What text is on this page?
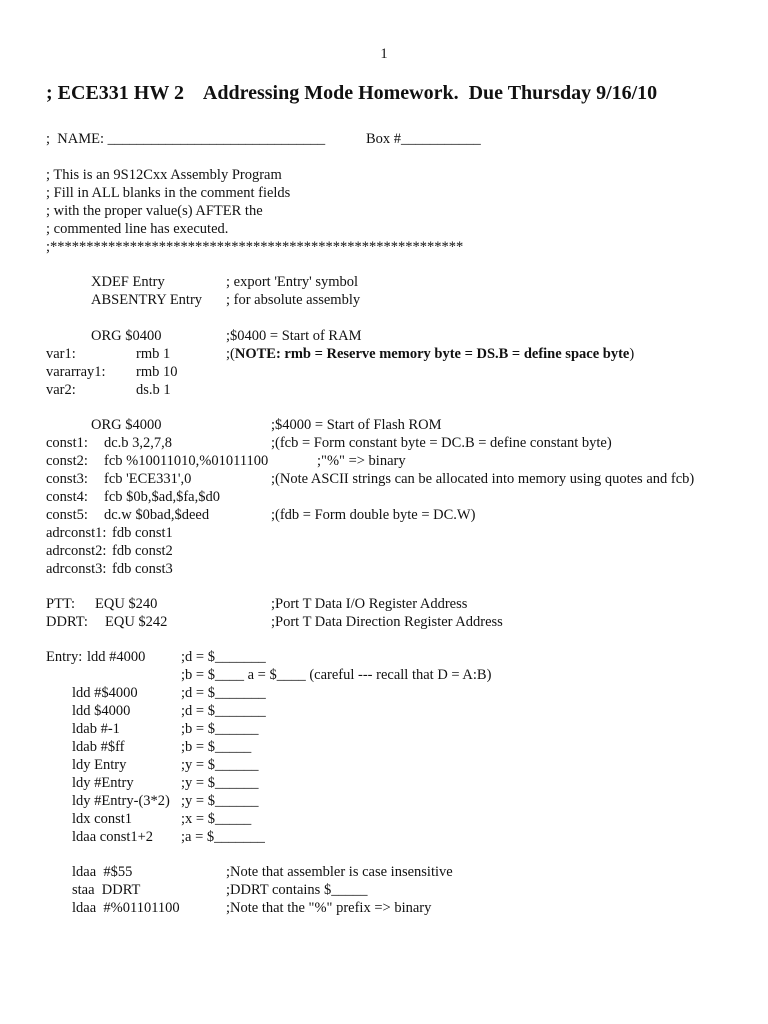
1
; ECE331 HW 2    Addressing Mode Homework.  Due Thursday 9/16/10
;  NAME: ______________________________	Box #___________
; This is an 9S12Cxx Assembly Program
; Fill in ALL blanks in the comment fields
; with the proper value(s) AFTER the
; commented line has executed.
;*********************************************************
XDEF Entry	; export 'Entry' symbol
ABSENTRY Entry ; for absolute assembly
ORG $0400	;$0400 = Start of RAM
var1:	rmb 1	;(NOTE: rmb = Reserve memory byte = DS.B = define space byte)
vararray1: rmb 10
var2:	ds.b 1
ORG $4000	;$4000 = Start of Flash ROM
const1: dc.b 3,2,7,8	;(fcb = Form constant byte = DC.B = define constant byte)
const2: fcb %10011010,%01011100	;"%" => binary
const3: fcb 'ECE331',0	;(Note ASCII strings can be allocated into memory using quotes and fcb)
const4: fcb $0b,$ad,$fa,$d0
const5: dc.w $0bad,$deed	;(fdb = Form double byte = DC.W)
adrconst1: fdb const1
adrconst2: fdb const2
adrconst3: fdb const3
PTT: EQU $240	;Port T Data I/O Register Address
DDRT: EQU $242	;Port T Data Direction Register Address
Entry: ldd #4000 ;d = $_______
;b = $____ a = $____ (careful --- recall that D = A:B)
ldd #$4000	;d = $_______
ldd $4000	;d = $_______
ldab #-1	;b = $______
ldab #$ff	;b = $_____
ldy Entry	;y = $______
ldy #Entry	;y = $______
ldy #Entry-(3*2) ;y = $______
ldx const1	;x = $_____
ldaa const1+2 ;a = $_______
ldaa  #$55	;Note that assembler is case insensitive
staa  DDRT	;DDRT contains $_____
ldaa  #%01101100	;Note that the "%" prefix => binary
